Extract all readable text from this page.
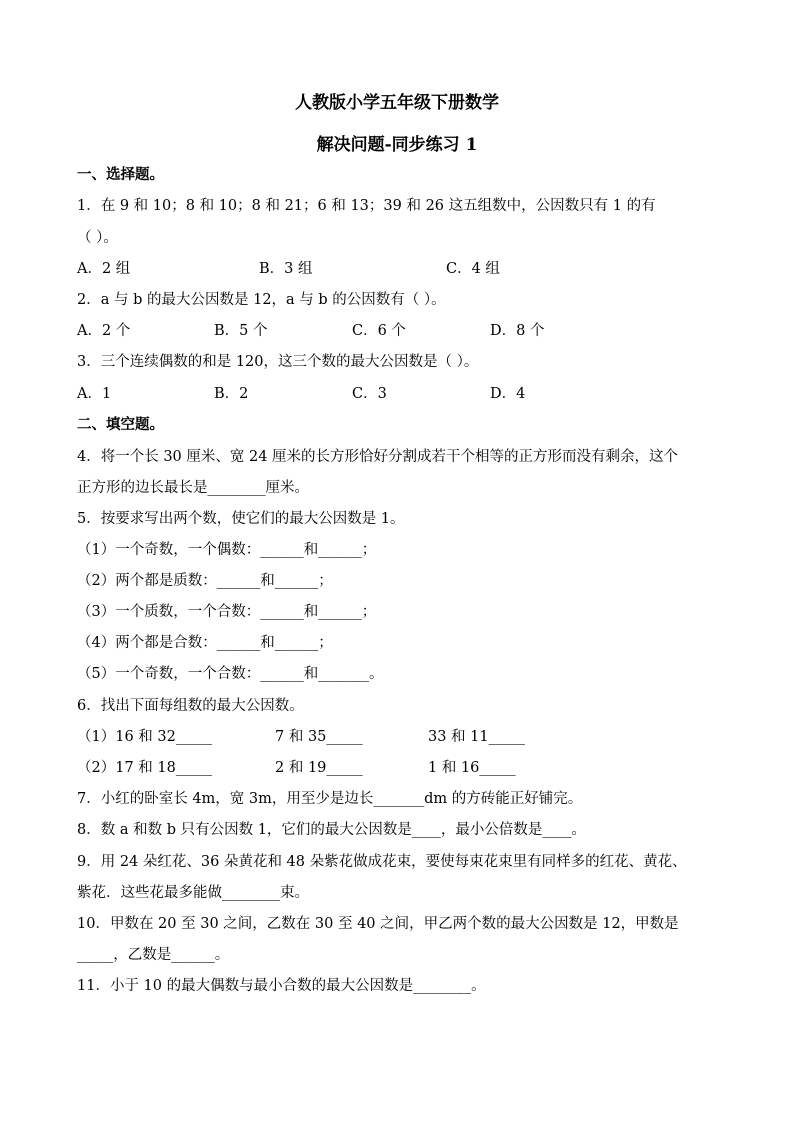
人教版小学五年级下册数学
解决问题-同步练习 1
一、选择题。
1．在 9 和 10；8 和 10；8 和 21；6 和 13；39 和 26 这五组数中，公因数只有 1 的有
（ ）。
A．2 组	B．3 组	C．4 组
2．a 与 b 的最大公因数是 12，a 与 b 的公因数有（ ）。
A．2 个	B．5 个	C．6 个	D．8 个
3．三个连续偶数的和是 120，这三个数的最大公因数是（ ）。
A．1	B．2	C．3	D．4
二、填空题。
4．将一个长 30 厘米、宽 24 厘米的长方形恰好分割成若干个相等的正方形而没有剩余，这个
正方形的边长最长是________厘米。
5．按要求写出两个数，使它们的最大公因数是 1。
（1）一个奇数，一个偶数：______和______；
（2）两个都是质数：______和______；
（3）一个质数，一个合数：______和______；
（4）两个都是合数：______和______；
（5）一个奇数，一个合数：______和_______。
6．找出下面每组数的最大公因数。
（1）16 和 32_____	7 和 35_____	33 和 11_____
（2）17 和 18_____	2 和 19_____	1 和 16_____
7．小红的卧室长 4m，宽 3m，用至少是边长_______dm 的方砖能正好铺完。
8．数 a 和数 b 只有公因数 1，它们的最大公因数是____，最小公倍数是____。
9．用 24 朵红花、36 朵黄花和 48 朵紫花做成花束，要使每束花束里有同样多的红花、黄花、
紫花．这些花最多能做________束。
10．甲数在 20 至 30 之间，乙数在 30 至 40 之间，甲乙两个数的最大公因数是 12，甲数是
_____，乙数是______。
11．小于 10 的最大偶数与最小合数的最大公因数是________。
